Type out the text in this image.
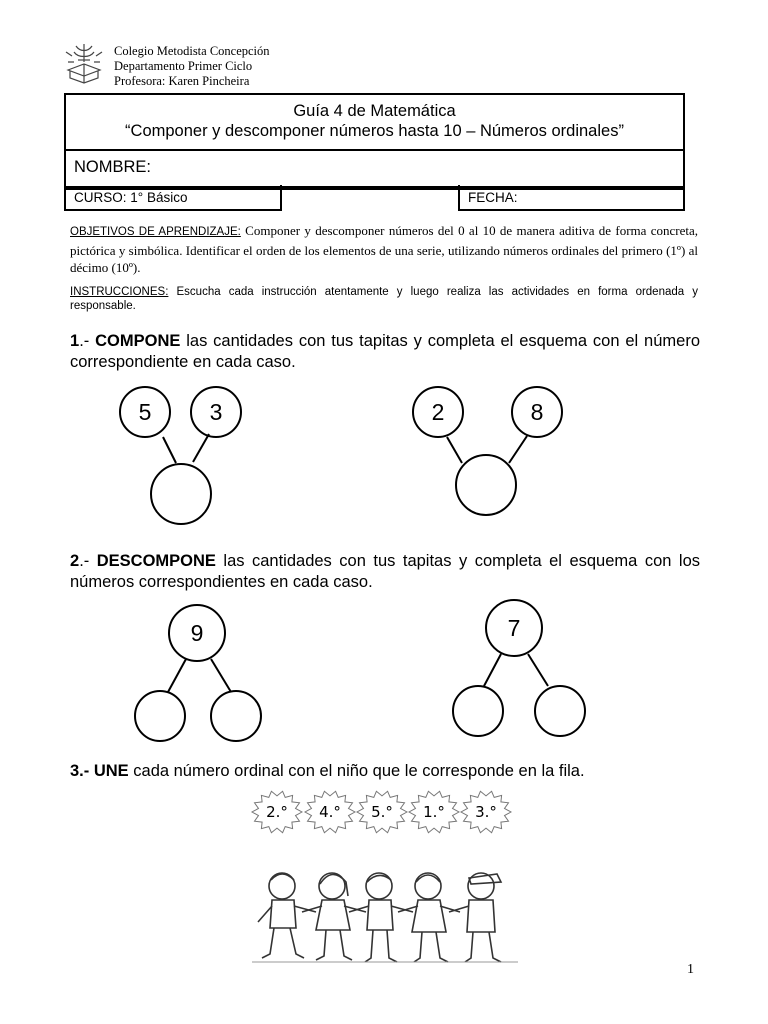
Colegio Metodista Concepción
Departamento Primer Ciclo
Profesora: Karen Pincheira
Guía 4 de Matemática
“Componer y descomponer números hasta 10 – Números ordinales”
NOMBRE:
CURSO: 1° Básico	FECHA:
OBJETIVOS DE APRENDIZAJE: Componer y descomponer números del 0 al 10 de manera aditiva de forma concreta, pictórica y simbólica. Identificar el orden de los elementos de una serie, utilizando números ordinales del primero (1º) al décimo (10º).
INSTRUCCIONES: Escucha cada instrucción atentamente y luego realiza las actividades en forma ordenada y responsable.
1.- COMPONE las cantidades con tus tapitas y completa el esquema con el número correspondiente en cada caso.
2.- DESCOMPONE las cantidades con tus tapitas y completa el esquema con los números correspondientes en cada caso.
3.- UNE cada número ordinal con el niño que le corresponde en la fila.
5	3	2	8
9	7
2.° 4.° 5.° 1.° 3.°
1
